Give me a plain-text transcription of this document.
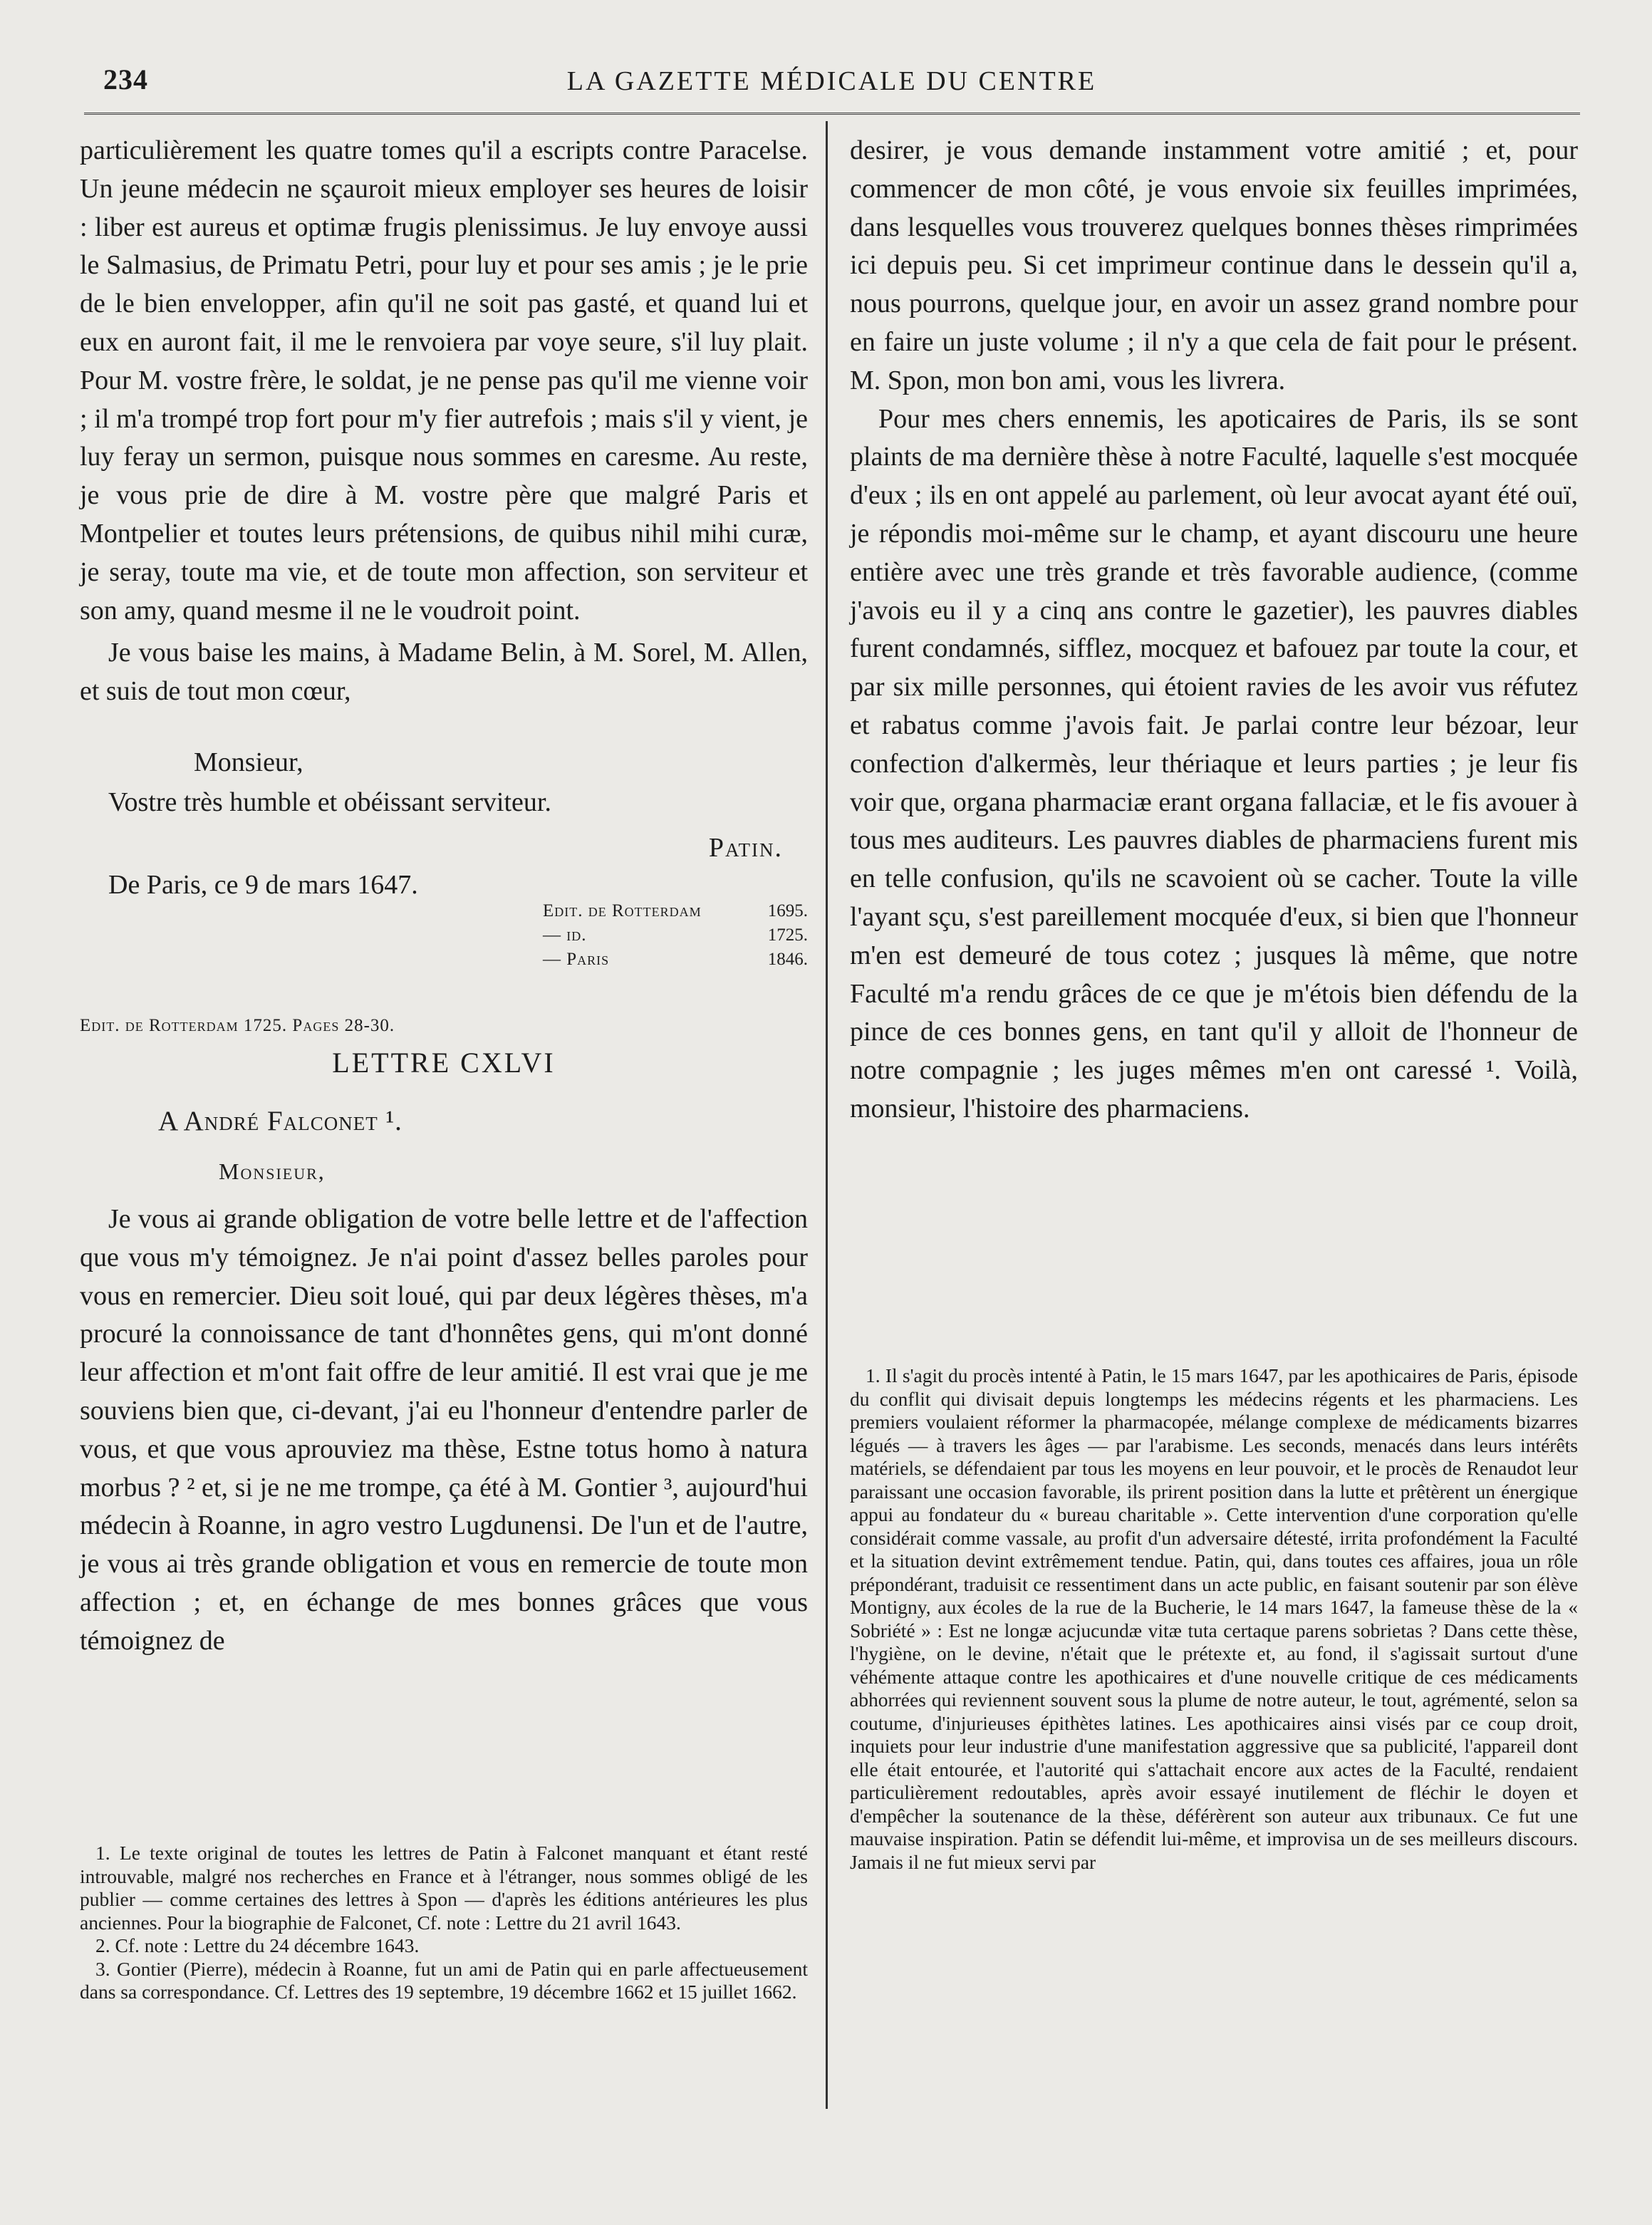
234	LA GAZETTE MÉDICALE DU CENTRE

particulièrement les quatre tomes qu'il a escripts contre Paracelse. Un jeune médecin ne sçauroit mieux employer ses heures de loisir : liber est aureus et optimæ frugis plenissimus. Je luy envoye aussi le Salmasius, de Primatu Petri, pour luy et pour ses amis ; je le prie de le bien envelopper, afin qu'il ne soit pas gasté, et quand lui et eux en auront fait, il me le renvoiera par voye seure, s'il luy plait. Pour M. vostre frère, le soldat, je ne pense pas qu'il me vienne voir ; il m'a trompé trop fort pour m'y fier autrefois ; mais s'il y vient, je luy feray un sermon, puisque nous sommes en caresme. Au reste, je vous prie de dire à M. vostre père que malgré Paris et Montpelier et toutes leurs prétensions, de quibus nihil mihi curæ, je seray, toute ma vie, et de toute mon affection, son serviteur et son amy, quand mesme il ne le voudroit point.

Je vous baise les mains, à Madame Belin, à M. Sorel, M. Allen, et suis de tout mon cœur,

Monsieur,
Vostre très humble et obéissant serviteur.
Patin.
De Paris, ce 9 de mars 1647.
Edit. de Rotterdam	1695.
— id.	1725.
— Paris	1846.
Edit. de Rotterdam 1725. Pages 28-30.
LETTRE CXLVI
A André Falconet ¹.
Monsieur,

Je vous ai grande obligation de votre belle lettre et de l'affection que vous m'y témoignez. Je n'ai point d'assez belles paroles pour vous en remercier. Dieu soit loué, qui par deux légères thèses, m'a procuré la connoissance de tant d'honnêtes gens, qui m'ont donné leur affection et m'ont fait offre de leur amitié. Il est vrai que je me souviens bien que, ci-devant, j'ai eu l'honneur d'entendre parler de vous, et que vous aprouviez ma thèse, Estne totus homo à natura morbus ? ² et, si je ne me trompe, ça été à M. Gontier ³, aujourd'hui médecin à Roanne, in agro vestro Lugdunensi. De l'un et de l'autre, je vous ai très grande obligation et vous en remercie de toute mon affection ; et, en échange de mes bonnes grâces que vous témoignez de

1. Le texte original de toutes les lettres de Patin à Falconet manquant et étant resté introuvable, malgré nos recherches en France et à l'étranger, nous sommes obligé de les publier — comme certaines des lettres à Spon — d'après les éditions antérieures les plus anciennes. Pour la biographie de Falconet, Cf. note : Lettre du 21 avril 1643.

2. Cf. note : Lettre du 24 décembre 1643.

3. Gontier (Pierre), médecin à Roanne, fut un ami de Patin qui en parle affectueusement dans sa correspondance. Cf. Lettres des 19 septembre, 19 décembre 1662 et 15 juillet 1662.

desirer, je vous demande instamment votre amitié ; et, pour commencer de mon côté, je vous envoie six feuilles imprimées, dans lesquelles vous trouverez quelques bonnes thèses rimprimées ici depuis peu. Si cet imprimeur continue dans le dessein qu'il a, nous pourrons, quelque jour, en avoir un assez grand nombre pour en faire un juste volume ; il n'y a que cela de fait pour le présent. M. Spon, mon bon ami, vous les livrera.

Pour mes chers ennemis, les apoticaires de Paris, ils se sont plaints de ma dernière thèse à notre Faculté, laquelle s'est mocquée d'eux ; ils en ont appelé au parlement, où leur avocat ayant été ouï, je répondis moi-même sur le champ, et ayant discouru une heure entière avec une très grande et très favorable audience, (comme j'avois eu il y a cinq ans contre le gazetier), les pauvres diables furent condamnés, sifflez, mocquez et bafouez par toute la cour, et par six mille personnes, qui étoient ravies de les avoir vus réfutez et rabatus comme j'avois fait. Je parlai contre leur bézoar, leur confection d'alkermès, leur thériaque et leurs parties ; je leur fis voir que, organa pharmaciæ erant organa fallaciæ, et le fis avouer à tous mes auditeurs. Les pauvres diables de pharmaciens furent mis en telle confusion, qu'ils ne scavoient où se cacher. Toute la ville l'ayant sçu, s'est pareillement mocquée d'eux, si bien que l'honneur m'en est demeuré de tous cotez ; jusques là même, que notre Faculté m'a rendu grâces de ce que je m'étois bien défendu de la pince de ces bonnes gens, en tant qu'il y alloit de l'honneur de notre compagnie ; les juges mêmes m'en ont caressé ¹. Voilà, monsieur, l'histoire des pharmaciens.

1. Il s'agit du procès intenté à Patin, le 15 mars 1647, par les apothicaires de Paris, épisode du conflit qui divisait depuis longtemps les médecins régents et les pharmaciens. Les premiers voulaient réformer la pharmacopée, mélange complexe de médicaments bizarres légués — à travers les âges — par l'arabisme. Les seconds, menacés dans leurs intérêts matériels, se défendaient par tous les moyens en leur pouvoir, et le procès de Renaudot leur paraissant une occasion favorable, ils prirent position dans la lutte et prêtèrent un énergique appui au fondateur du « bureau charitable ». Cette intervention d'une corporation qu'elle considérait comme vassale, au profit d'un adversaire détesté, irrita profondément la Faculté et la situation devint extrêmement tendue. Patin, qui, dans toutes ces affaires, joua un rôle prépondérant, traduisit ce ressentiment dans un acte public, en faisant soutenir par son élève Montigny, aux écoles de la rue de la Bucherie, le 14 mars 1647, la fameuse thèse de la « Sobriété » : Est ne longæ acjucundæ vitæ tuta certaque parens sobrietas ? Dans cette thèse, l'hygiène, on le devine, n'était que le prétexte et, au fond, il s'agissait surtout d'une véhémente attaque contre les apothicaires et d'une nouvelle critique de ces médicaments abhorrées qui reviennent souvent sous la plume de notre auteur, le tout, agrémenté, selon sa coutume, d'injurieuses épithètes latines. Les apothicaires ainsi visés par ce coup droit, inquiets pour leur industrie d'une manifestation aggressive que sa publicité, l'appareil dont elle était entourée, et l'autorité qui s'attachait encore aux actes de la Faculté, rendaient particulièrement redoutables, après avoir essayé inutilement de fléchir le doyen et d'empêcher la soutenance de la thèse, déférèrent son auteur aux tribunaux. Ce fut une mauvaise inspiration. Patin se défendit lui-même, et improvisa un de ses meilleurs discours. Jamais il ne fut mieux servi par
